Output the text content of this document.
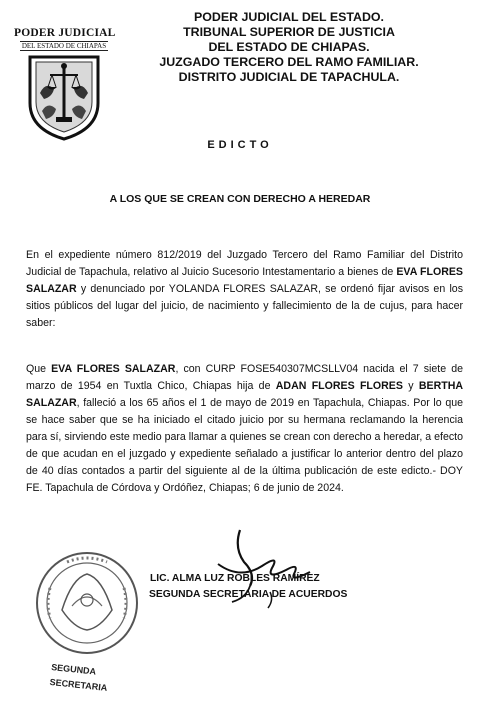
PODER JUDICIAL
DEL ESTADO DE CHIAPAS
PODER JUDICIAL DEL ESTADO.
TRIBUNAL SUPERIOR DE JUSTICIA
DEL ESTADO DE CHIAPAS.
JUZGADO TERCERO DEL RAMO FAMILIAR.
DISTRITO JUDICIAL DE TAPACHULA.
EDICTO
A LOS QUE SE CREAN CON DERECHO A HEREDAR
En el expediente número 812/2019 del Juzgado Tercero del Ramo Familiar del Distrito Judicial de Tapachula, relativo al Juicio Sucesorio Intestamentario a bienes de EVA FLORES SALAZAR y denunciado por YOLANDA FLORES SALAZAR, se ordenó fijar avisos en los sitios públicos del lugar del juicio, de nacimiento y fallecimiento de la de cujus, para hacer saber:
Que EVA FLORES SALAZAR, con CURP FOSE540307MCSLLV04 nacida el 7 siete de marzo de 1954 en Tuxtla Chico, Chiapas hija de ADAN FLORES FLORES y BERTHA SALAZAR, falleció a los 65 años el 1 de mayo de 2019 en Tapachula, Chiapas. Por lo que se hace saber que se ha iniciado el citado juicio por su hermana reclamando la herencia para sí, sirviendo este medio para llamar a quienes se crean con derecho a heredar, a efecto de que acudan en el juzgado y expediente señalado a justificar lo anterior dentro del plazo de 40 días contados a partir del siguiente al de la última publicación de este edicto.- DOY FE. Tapachula de Córdova y Ordóñez, Chiapas; 6 de junio de 2024.
LIC. ALMA LUZ ROBLES RAMÍREZ
SEGUNDA SECRETARIA DE ACUERDOS
SEGUNDA
SECRETARIA
